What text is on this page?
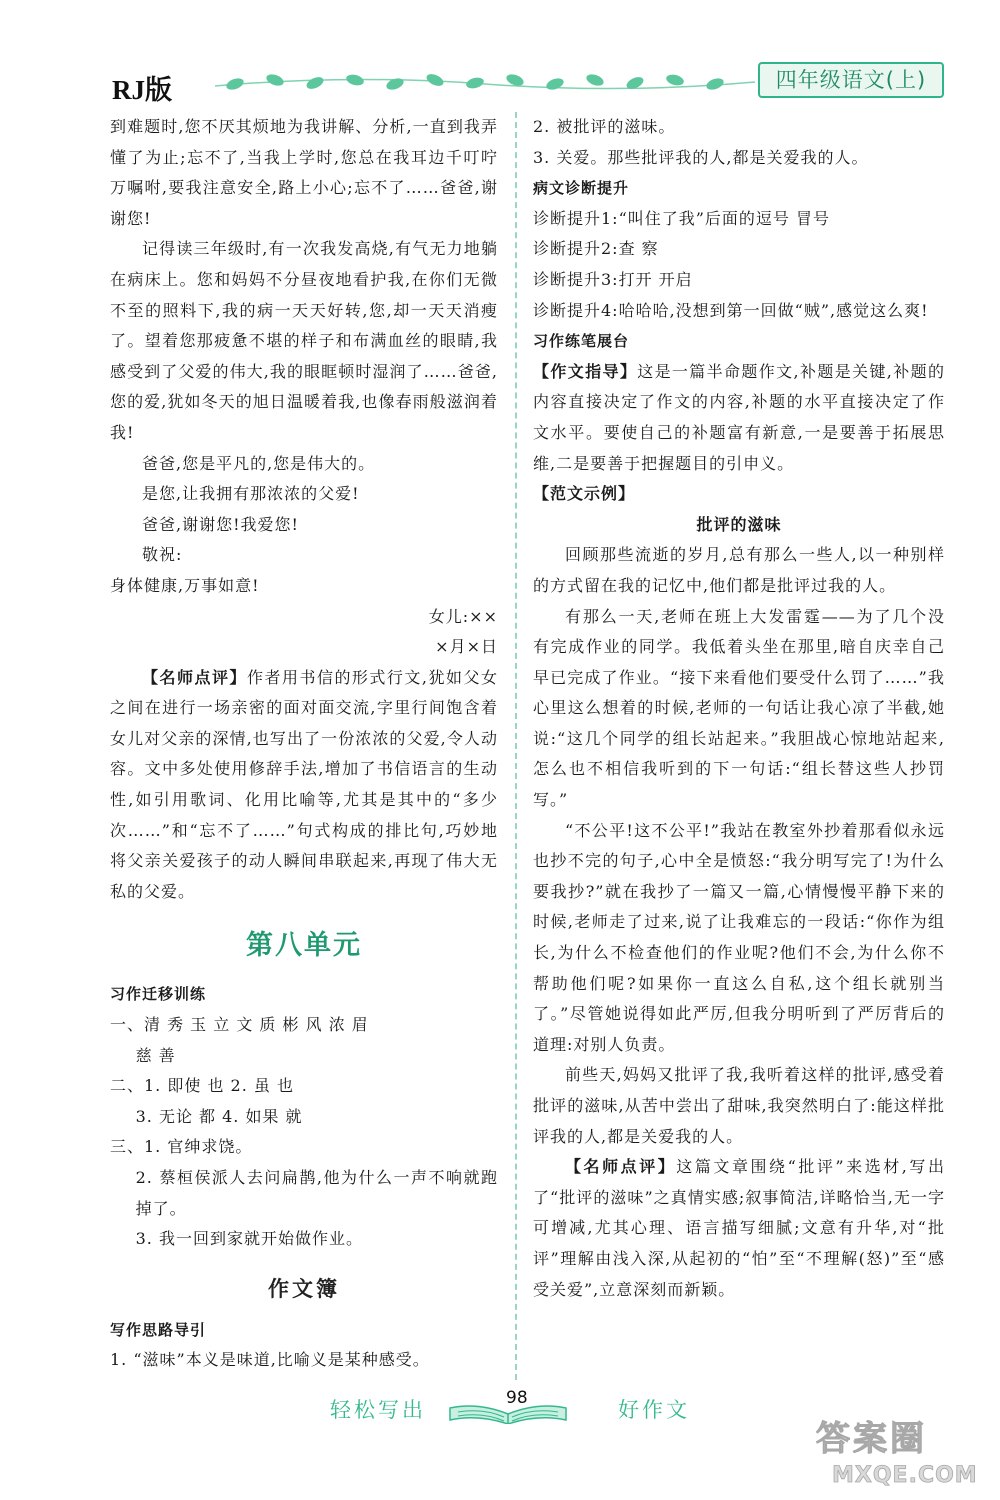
RJ版	四年级语文(上)

到难题时,您不厌其烦地为我讲解、分析,一直到我弄懂了为止;忘不了,当我上学时,您总在我耳边千叮咛万嘱咐,要我注意安全,路上小心;忘不了……爸爸,谢谢您!

记得读三年级时,有一次我发高烧,有气无力地躺在病床上。您和妈妈不分昼夜地看护我,在你们无微不至的照料下,我的病一天天好转,您,却一天天消瘦了。望着您那疲惫不堪的样子和布满血丝的眼睛,我感受到了父爱的伟大,我的眼眶顿时湿润了……爸爸,您的爱,犹如冬天的旭日温暖着我,也像春雨般滋润着我!

爸爸,您是平凡的,您是伟大的。

是您,让我拥有那浓浓的父爱!

爸爸,谢谢您!我爱您!

敬祝:

身体健康,万事如意!

女儿:××

×月×日

【名师点评】作者用书信的形式行文,犹如父女之间在进行一场亲密的面对面交流,字里行间饱含着女儿对父亲的深情,也写出了一份浓浓的父爱,令人动容。文中多处使用修辞手法,增加了书信语言的生动性,如引用歌词、化用比喻等,尤其是其中的“多少次……”和“忘不了……”句式构成的排比句,巧妙地将父亲关爱孩子的动人瞬间串联起来,再现了伟大无私的父爱。

第八单元

习作迁移训练

一、清 秀 玉 立 文 质 彬 风 浓 眉

慈 善

二、1. 即使 也 2. 虽 也

3. 无论 都 4. 如果 就

三、1. 官绅求饶。

2. 蔡桓侯派人去问扁鹊,他为什么一声不响就跑掉了。

3. 我一回到家就开始做作业。

作文簿

写作思路导引

1. “滋味”本义是味道,比喻义是某种感受。

2. 被批评的滋味。

3. 关爱。那些批评我的人,都是关爱我的人。

病文诊断提升

诊断提升1:“叫住了我”后面的逗号 冒号

诊断提升2:查 察

诊断提升3:打开 开启

诊断提升4:哈哈哈,没想到第一回做“贼”,感觉这么爽!

习作练笔展台

【作文指导】这是一篇半命题作文,补题是关键,补题的内容直接决定了作文的内容,补题的水平直接决定了作文水平。要使自己的补题富有新意,一是要善于拓展思维,二是要善于把握题目的引申义。

【范文示例】

批评的滋味

回顾那些流逝的岁月,总有那么一些人,以一种别样的方式留在我的记忆中,他们都是批评过我的人。

有那么一天,老师在班上大发雷霆——为了几个没有完成作业的同学。我低着头坐在那里,暗自庆幸自己早已完成了作业。“接下来看他们要受什么罚了……”我心里这么想着的时候,老师的一句话让我心凉了半截,她说:“这几个同学的组长站起来。”我胆战心惊地站起来,怎么也不相信我听到的下一句话:“组长替这些人抄罚写。”

“不公平!这不公平!”我站在教室外抄着那看似永远也抄不完的句子,心中全是愤怒:“我分明写完了!为什么要我抄?”就在我抄了一篇又一篇,心情慢慢平静下来的时候,老师走了过来,说了让我难忘的一段话:“你作为组长,为什么不检查他们的作业呢?他们不会,为什么你不帮助他们呢?如果你一直这么自私,这个组长就别当了。”尽管她说得如此严厉,但我分明听到了严厉背后的道理:对别人负责。

前些天,妈妈又批评了我,我听着这样的批评,感受着批评的滋味,从苦中尝出了甜味,我突然明白了:能这样批评我的人,都是关爱我的人。

【名师点评】这篇文章围绕“批评”来选材,写出了“批评的滋味”之真情实感;叙事简洁,详略恰当,无一字可增减,尤其心理、语言描写细腻;文意有升华,对“批评”理解由浅入深,从起初的“怕”至“不理解(怒)”至“感受关爱”,立意深刻而新颖。

轻松写出	98	好作文
答案圈
MXQE.COM
